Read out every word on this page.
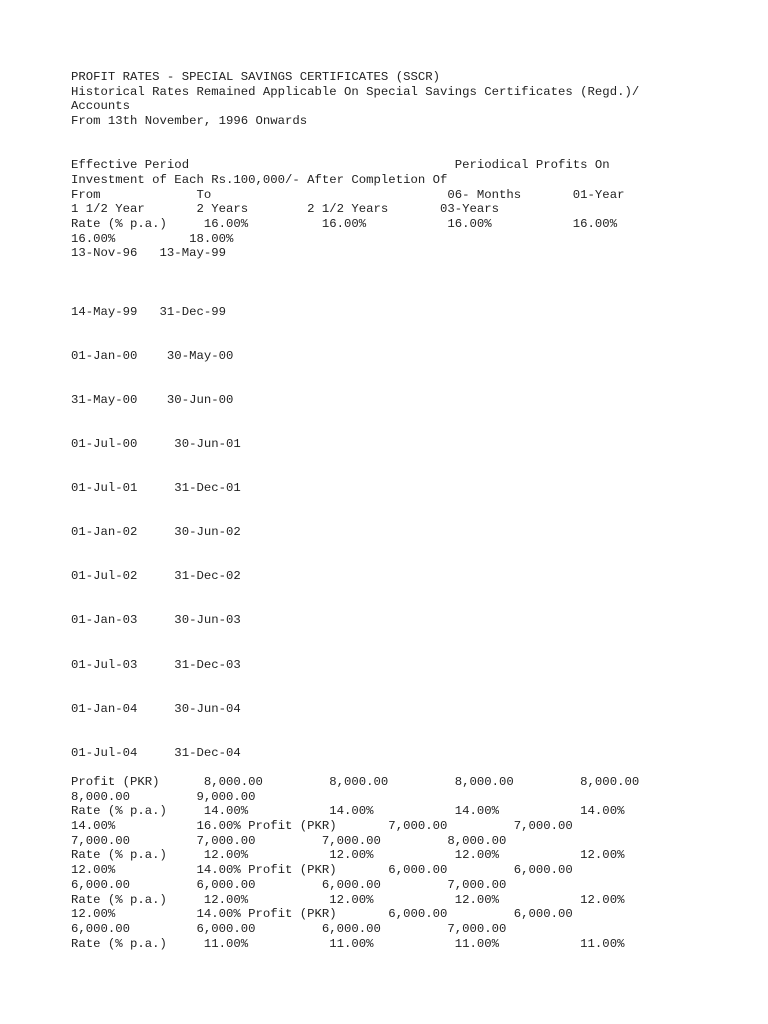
PROFIT RATES - SPECIAL SAVINGS CERTIFICATES (SSCR)
Historical Rates Remained Applicable On Special Savings Certificates (Regd.)/
Accounts
From 13th November, 1996 Onwards
Effective Period                                    Periodical Profits On
Investment of Each Rs.100,000/- After Completion Of
From             To                                06- Months       01-Year
1 1/2 Year       2 Years        2 1/2 Years       03-Years
Rate (% p.a.)     16.00%          16.00%           16.00%           16.00%
16.00%          18.00%
13-Nov-96   13-May-99
14-May-99   31-Dec-99
01-Jan-00    30-May-00
31-May-00    30-Jun-00
01-Jul-00     30-Jun-01
01-Jul-01     31-Dec-01
01-Jan-02     30-Jun-02
01-Jul-02     31-Dec-02
01-Jan-03     30-Jun-03
01-Jul-03     31-Dec-03
01-Jan-04     30-Jun-04
01-Jul-04     31-Dec-04
Profit (PKR)      8,000.00         8,000.00         8,000.00         8,000.00
8,000.00         9,000.00
Rate (% p.a.)     14.00%           14.00%           14.00%           14.00%
14.00%           16.00% Profit (PKR)       7,000.00         7,000.00
7,000.00         7,000.00         7,000.00         8,000.00
Rate (% p.a.)     12.00%           12.00%           12.00%           12.00%
12.00%           14.00% Profit (PKR)       6,000.00         6,000.00
6,000.00         6,000.00         6,000.00         7,000.00
Rate (% p.a.)     12.00%           12.00%           12.00%           12.00%
12.00%           14.00% Profit (PKR)       6,000.00         6,000.00
6,000.00         6,000.00         6,000.00         7,000.00
Rate (% p.a.)     11.00%           11.00%           11.00%           11.00%
